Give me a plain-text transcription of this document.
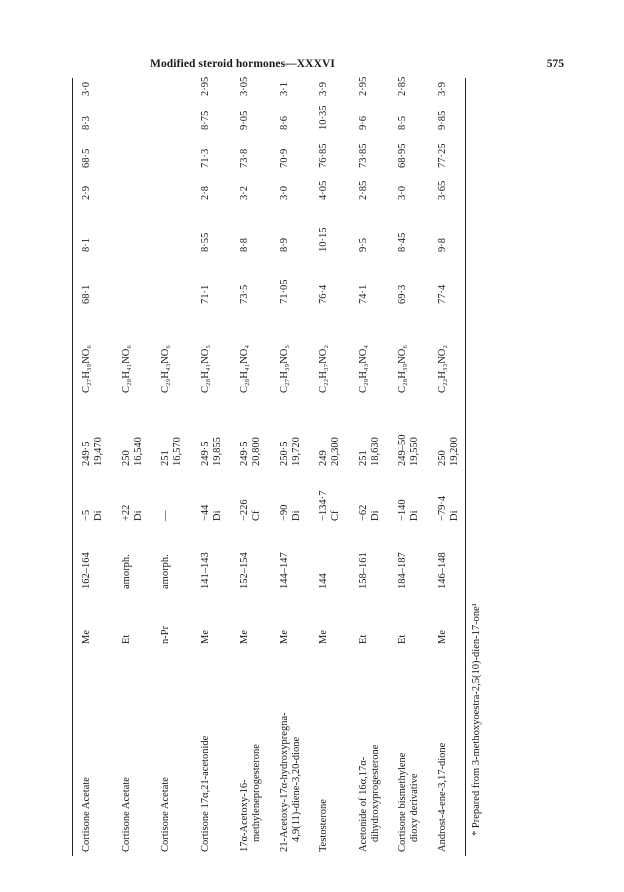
Modified steroid hormones—XXXVI	575
Cortisone Acetate
Me
162–164
C₂₇H₃₉NO₆
68·1
8·1
2·9
68·5
8·3
3·0
−5 Di
249·5 19,470
Cortisone Acetate
Et
amorph.
C₂₈H₄₁NO₆
+22 Di
250 16,540
Cortisone Acetate
n-Pr
amorph.
C₂₉H₄₃NO₆
—
251 16,570
Cortisone 17α,21-acetonide
Me
141–143
C₂₈H₄₁NO₅
71·1
8·55
2·8
71·3
8·75
2·95
−44 Di
249·5 19,855
17α-Acetoxy-16- methyleneprogesterone
Me
152–154
C₂₈H₄₁NO₄
73·5
8·8
3·2
73·8
9·05
3·05
−226 Cf
249·5 20,800
21-Acetoxy-17α-hydroxypregna- 4,9(11)-diene-3,20-dione
Me
144–147
C₂₇H₃₉NO₅
71·05
8·9
3·0
70·9
8·6
3·1
−90 Di
250·5 19,720
Testosterone
Me
144
C₂₂H₃₇NO₂
76·4
10·15
4·05
76·85
10·35
3·9
−134·7 Cf
249 20,300
Acetonide of 16α,17α- dihydroxyprogesterone
Et
158–161
C₂₉H₄₃NO₄
74·1
9·5
2·85
73·85
9·6
2·95
−62 Di
251 18,630
Cortisone bismethylene dioxy derivative
Et
184–187
C₂₈H₃₉NO₆
69·3
8·45
3·0
68·95
8·5
2·85
−140 Di
249–50 19,550
Androst-4-ene-3,17-dione
Me
146–148
C₂₂H₃₃NO₂
77·4
9·8
3·65
77·25
9·85
3·9
−79·4 Di
250 19,200
* Prepared from 3-methoxyoestra-2,5(10)-dien-17-one¹
